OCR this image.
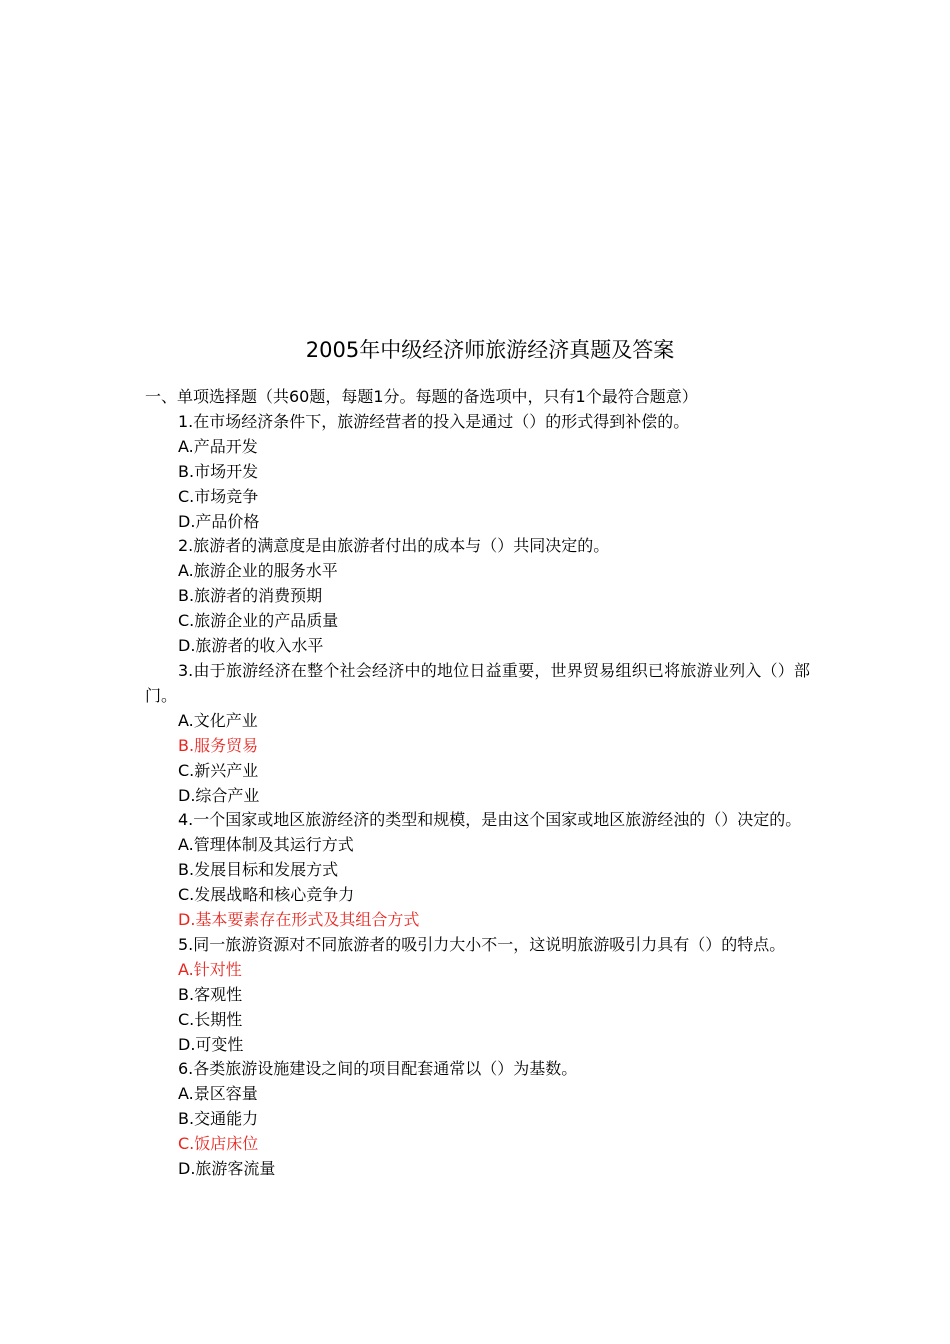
2005年中级经济师旅游经济真题及答案
一、单项选择题（共60题，每题1分。每题的备选项中，只有1个最符合题意）
1.在市场经济条件下，旅游经营者的投入是通过（）的形式得到补偿的。
A.产品开发
B.市场开发
C.市场竞争
D.产品价格
2.旅游者的满意度是由旅游者付出的成本与（）共同决定的。
A.旅游企业的服务水平
B.旅游者的消费预期
C.旅游企业的产品质量
D.旅游者的收入水平
3.由于旅游经济在整个社会经济中的地位日益重要，世界贸易组织已将旅游业列入（）部门。
A.文化产业
B.服务贸易
C.新兴产业
D.综合产业
4.一个国家或地区旅游经济的类型和规模，是由这个国家或地区旅游经浊的（）决定的。
A.管理体制及其运行方式
B.发展目标和发展方式
C.发展战略和核心竞争力
D.基本要素存在形式及其组合方式
5.同一旅游资源对不同旅游者的吸引力大小不一，这说明旅游吸引力具有（）的特点。
A.针对性
B.客观性
C.长期性
D.可变性
6.各类旅游设施建设之间的项目配套通常以（）为基数。
A.景区容量
B.交通能力
C.饭店床位
D.旅游客流量
